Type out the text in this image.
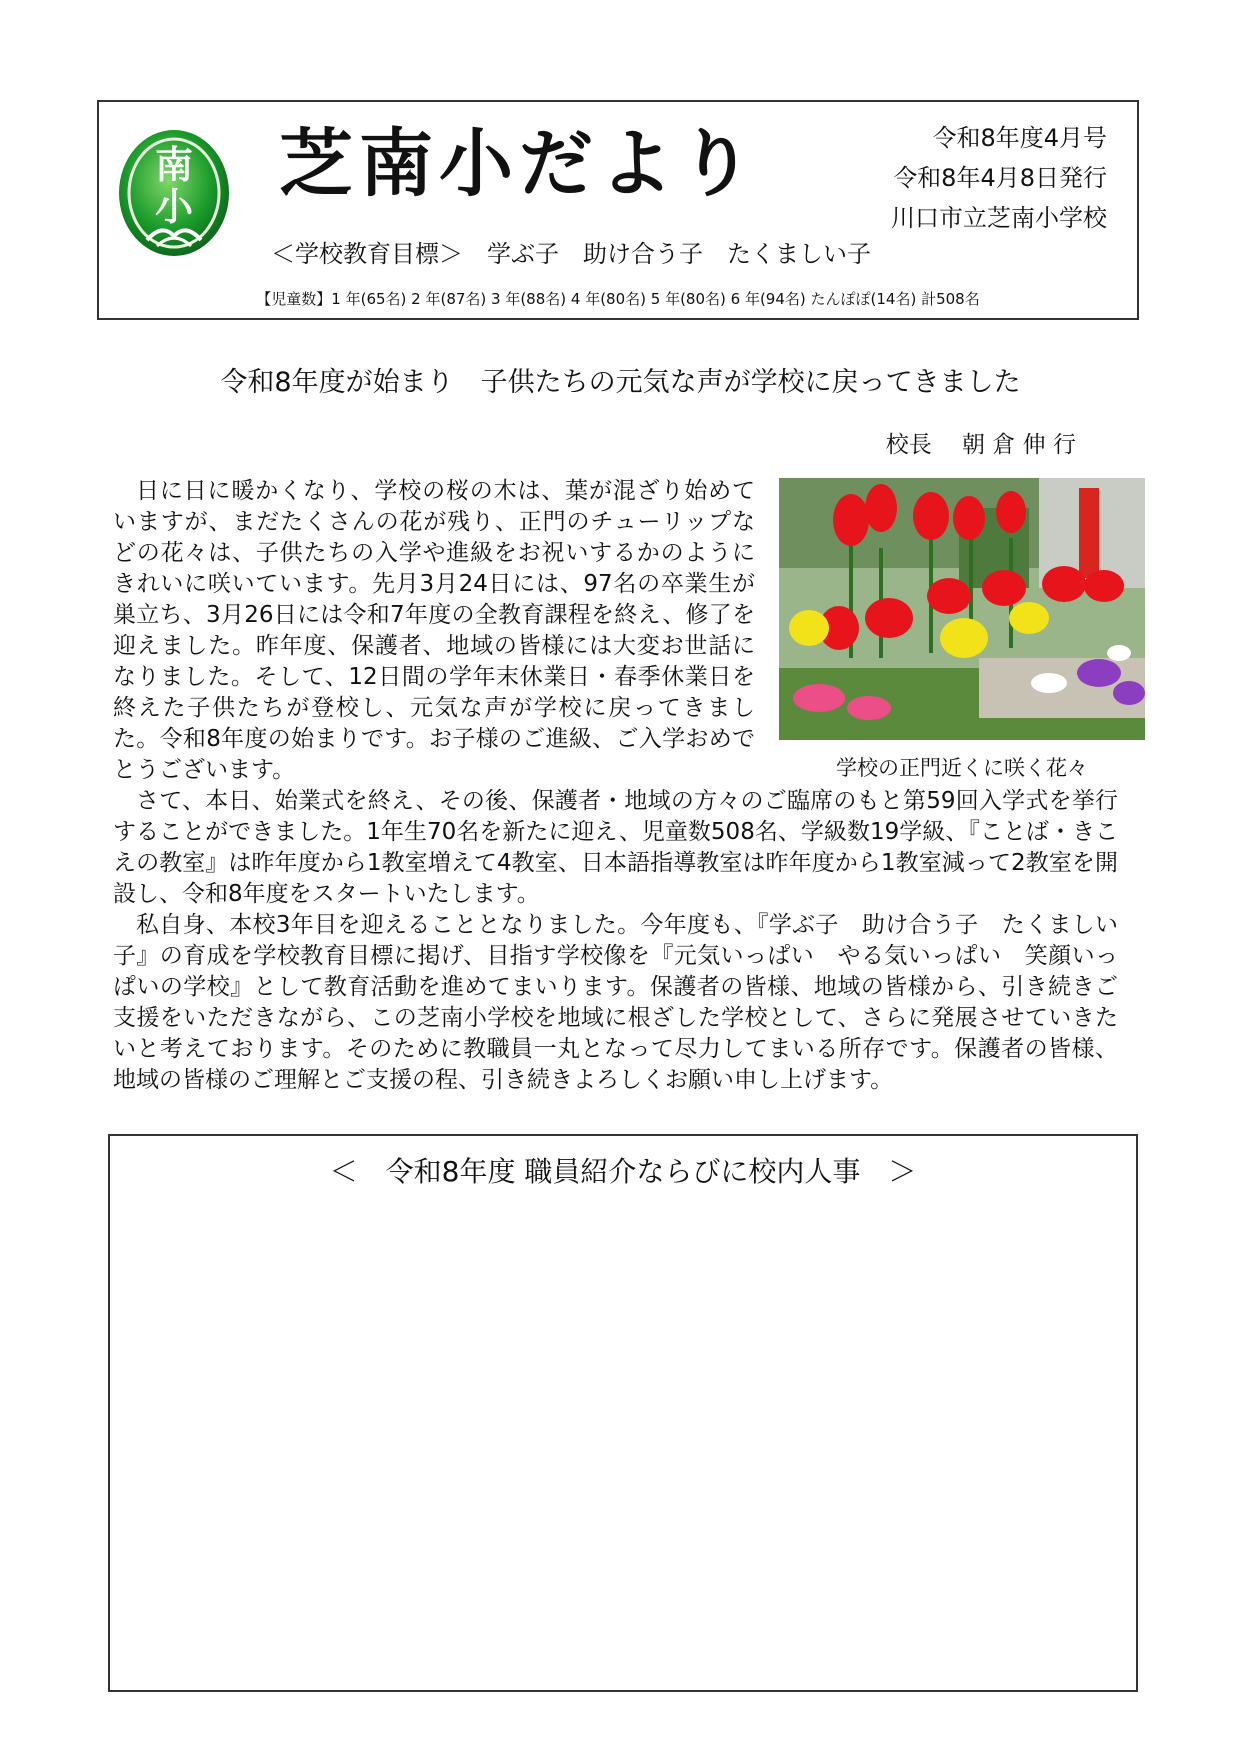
南
小 芝南小だより	令和8年度4月号
令和8年4月8日発行
川口市立芝南小学校
＜学校教育目標＞　学ぶ子　助け合う子　たくましい子
【児童数】1 年(65名) 2 年(87名) 3 年(88名) 4 年(80名) 5 年(80名) 6 年(94名) たんぽぽ(14名) 計508名
令和8年度が始まり　子供たちの元気な声が学校に戻ってきました
校長　 朝 倉 伸 行
学校の正門近くに咲く花々

日に日に暖かくなり、学校の桜の木は、葉が混ざり始めていますが、まだたくさんの花が残り、正門のチューリップなどの花々は、子供たちの入学や進級をお祝いするかのようにきれいに咲いています。先月3月24日には、97名の卒業生が巣立ち、3月26日には令和7年度の全教育課程を終え、修了を迎えました。昨年度、保護者、地域の皆様には大変お世話になりました。そして、12日間の学年末休業日・春季休業日を終えた子供たちが登校し、元気な声が学校に戻ってきました。令和8年度の始まりです。お子様のご進級、ご入学おめでとうございます。

さて、本日、始業式を終え、その後、保護者・地域の方々のご臨席のもと第59回入学式を挙行することができました。1年生70名を新たに迎え、児童数508名、学級数19学級、『ことば・きこえの教室』は昨年度から1教室増えて4教室、日本語指導教室は昨年度から1教室減って2教室を開設し、令和8年度をスタートいたします。

私自身、本校3年目を迎えることとなりました。今年度も、『学ぶ子　助け合う子　たくましい子』の育成を学校教育目標に掲げ、目指す学校像を『元気いっぱい　やる気いっぱい　笑顔いっぱいの学校』として教育活動を進めてまいります。保護者の皆様、地域の皆様から、引き続きご支援をいただきながら、この芝南小学校を地域に根ざした学校として、さらに発展させていきたいと考えております。そのために教職員一丸となって尽力してまいる所存です。保護者の皆様、地域の皆様のご理解とご支援の程、引き続きよろしくお願い申し上げます。

＜　令和8年度 職員紹介ならびに校内人事　＞
